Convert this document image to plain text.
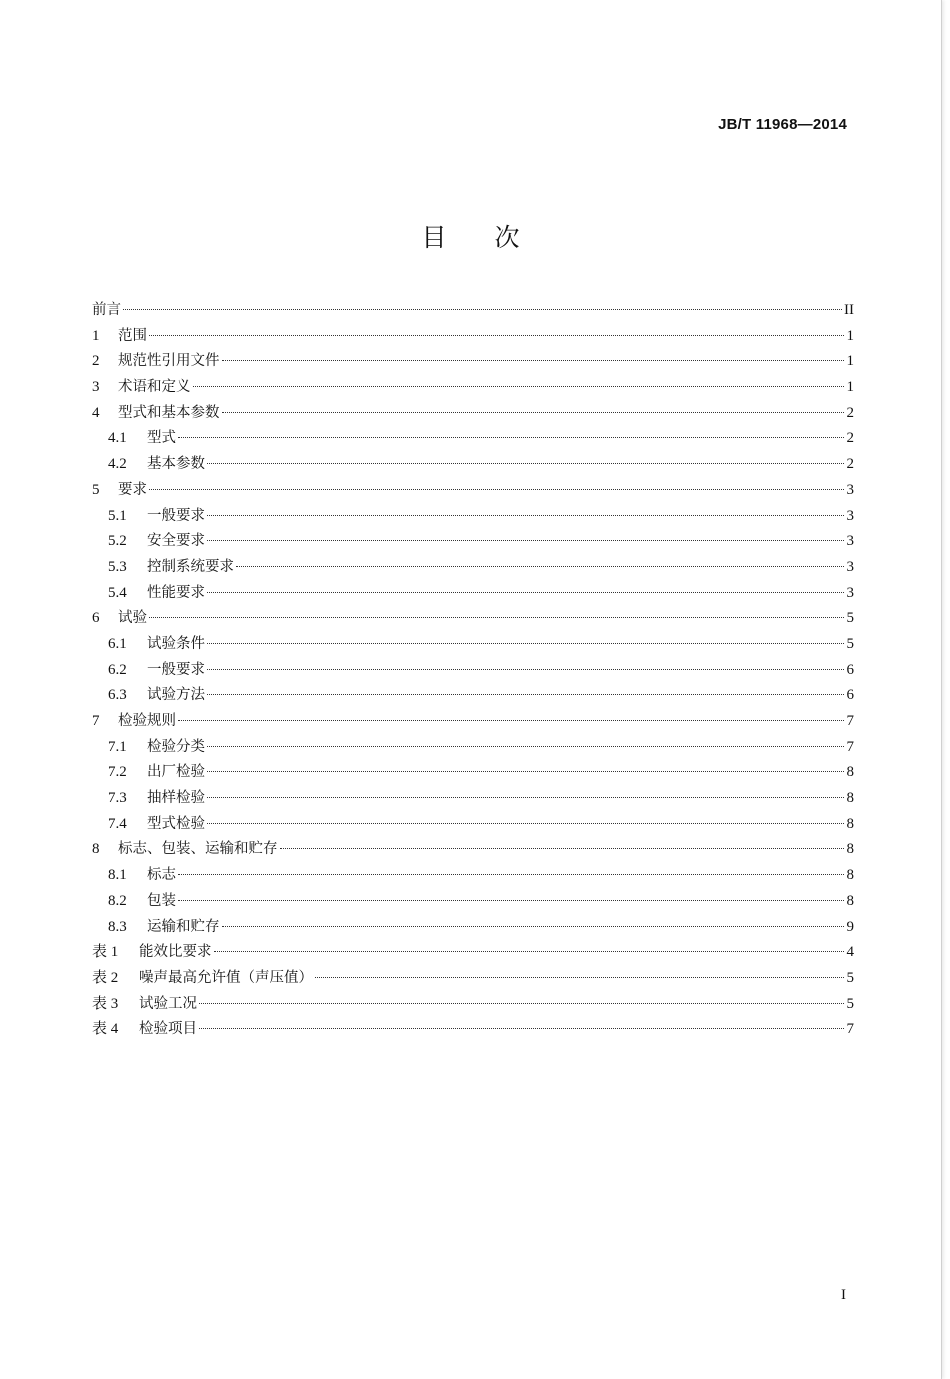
JB/T 11968—2014
目 次
前言	II
1	范围	1
2	规范性引用文件	1
3	术语和定义	1
4	型式和基本参数	2
4.1	型式	2
4.2	基本参数	2
5	要求	3
5.1	一般要求	3
5.2	安全要求	3
5.3	控制系统要求	3
5.4	性能要求	3
6	试验	5
6.1	试验条件	5
6.2	一般要求	6
6.3	试验方法	6
7	检验规则	7
7.1	检验分类	7
7.2	出厂检验	8
7.3	抽样检验	8
7.4	型式检验	8
8	标志、包装、运输和贮存	8
8.1	标志	8
8.2	包装	8
8.3	运输和贮存	9
表 1	能效比要求	4
表 2	噪声最高允许值（声压值）	5
表 3	试验工况	5
表 4	检验项目	7
I
